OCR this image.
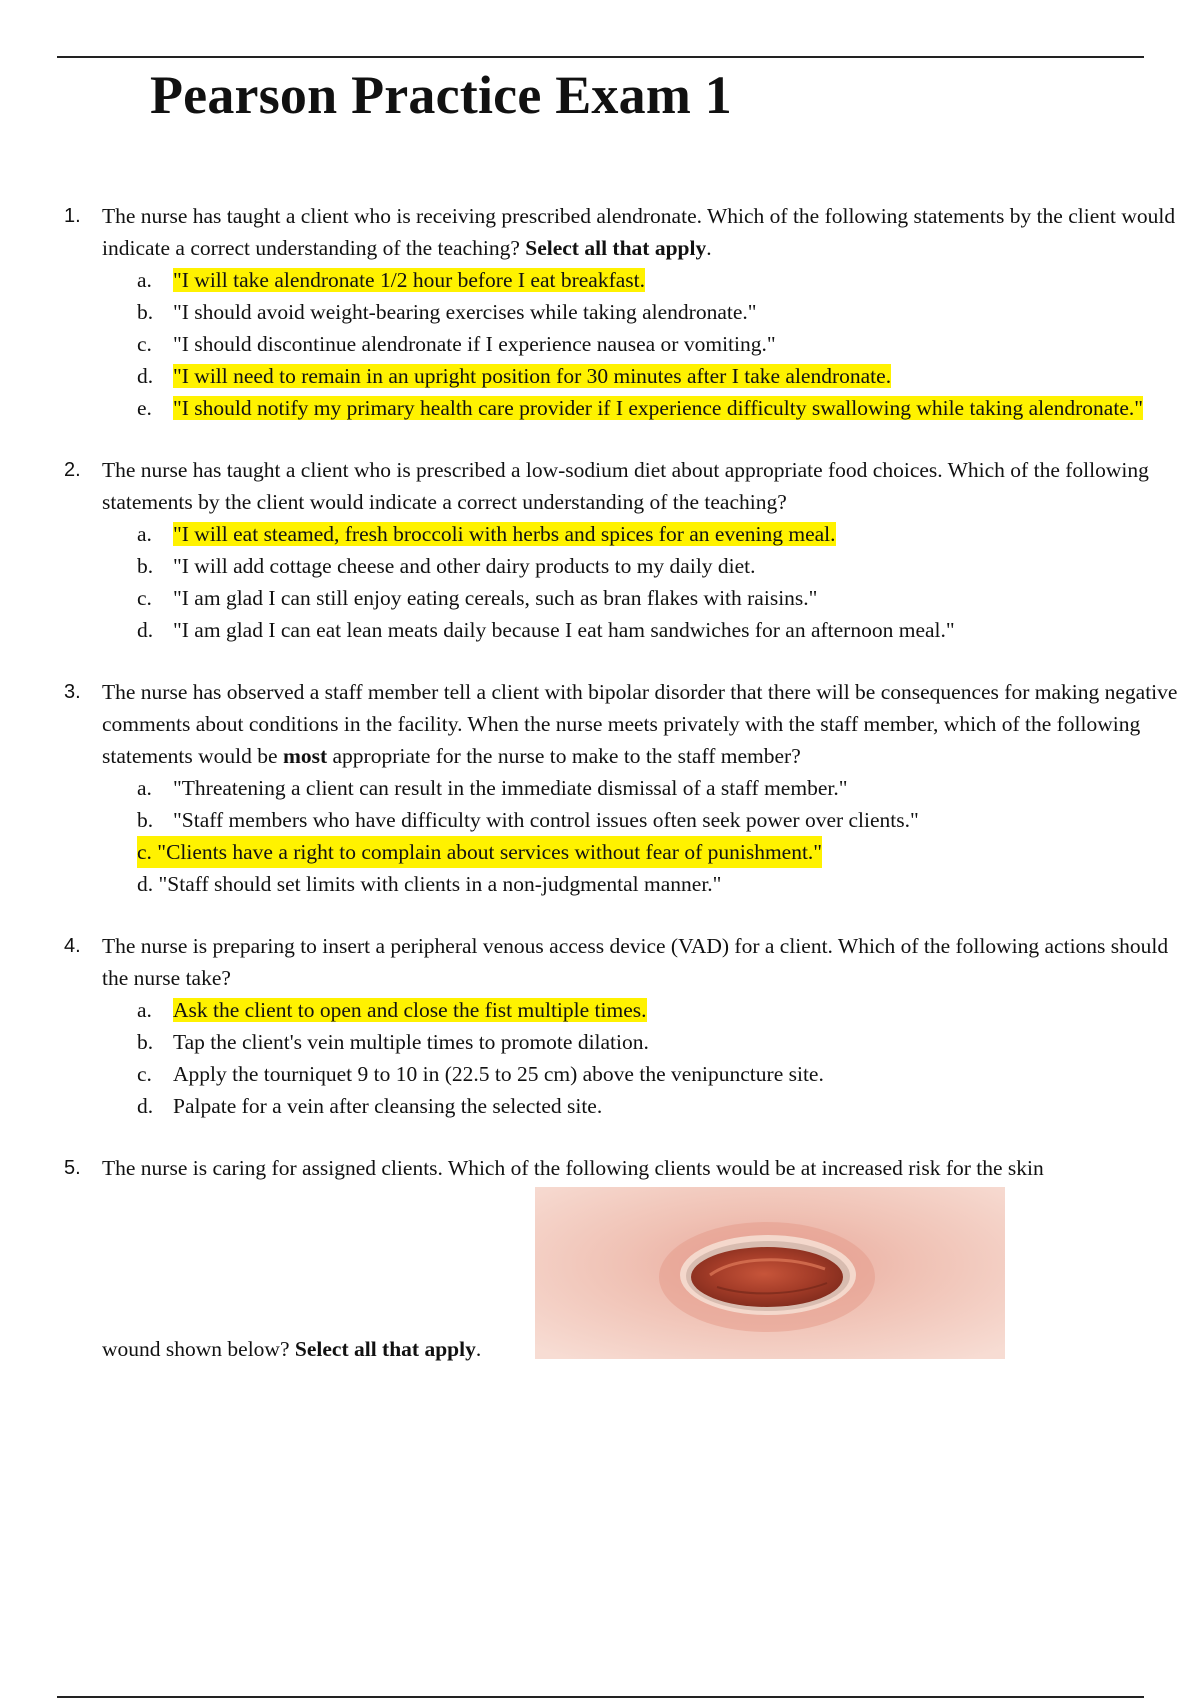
Pearson Practice Exam 1
1. The nurse has taught a client who is receiving prescribed alendronate. Which of the following statements by the client would indicate a correct understanding of the teaching? Select all that apply.
a. "I will take alendronate 1/2 hour before I eat breakfast.
b. "I should avoid weight-bearing exercises while taking alendronate."
c. "I should discontinue alendronate if I experience nausea or vomiting."
d. "I will need to remain in an upright position for 30 minutes after I take alendronate.
e. "I should notify my primary health care provider if I experience difficulty swallowing while taking alendronate."
2. The nurse has taught a client who is prescribed a low-sodium diet about appropriate food choices. Which of the following statements by the client would indicate a correct understanding of the teaching?
a. "I will eat steamed, fresh broccoli with herbs and spices for an evening meal.
b. "I will add cottage cheese and other dairy products to my daily diet.
c. "I am glad I can still enjoy eating cereals, such as bran flakes with raisins."
d. "I am glad I can eat lean meats daily because I eat ham sandwiches for an afternoon meal."
3. The nurse has observed a staff member tell a client with bipolar disorder that there will be consequences for making negative comments about conditions in the facility. When the nurse meets privately with the staff member, which of the following statements would be most appropriate for the nurse to make to the staff member?
a. "Threatening a client can result in the immediate dismissal of a staff member."
b. "Staff members who have difficulty with control issues often seek power over clients."
c. "Clients have a right to complain about services without fear of punishment."
d.
"Staff should set limits with clients in a non-judgmental manner."
4. The nurse is preparing to insert a peripheral venous access device (VAD) for a client. Which of the following actions should the nurse take?
a. Ask the client to open and close the fist multiple times.
b. Tap the client's vein multiple times to promote dilation.
c. Apply the tourniquet 9 to 10 in (22.5 to 25 cm) above the venipuncture site.
d. Palpate for a vein after cleansing the selected site.
5. The nurse is caring for assigned clients. Which of the following clients would be at increased risk for the skin
wound shown below? Select all that apply.
